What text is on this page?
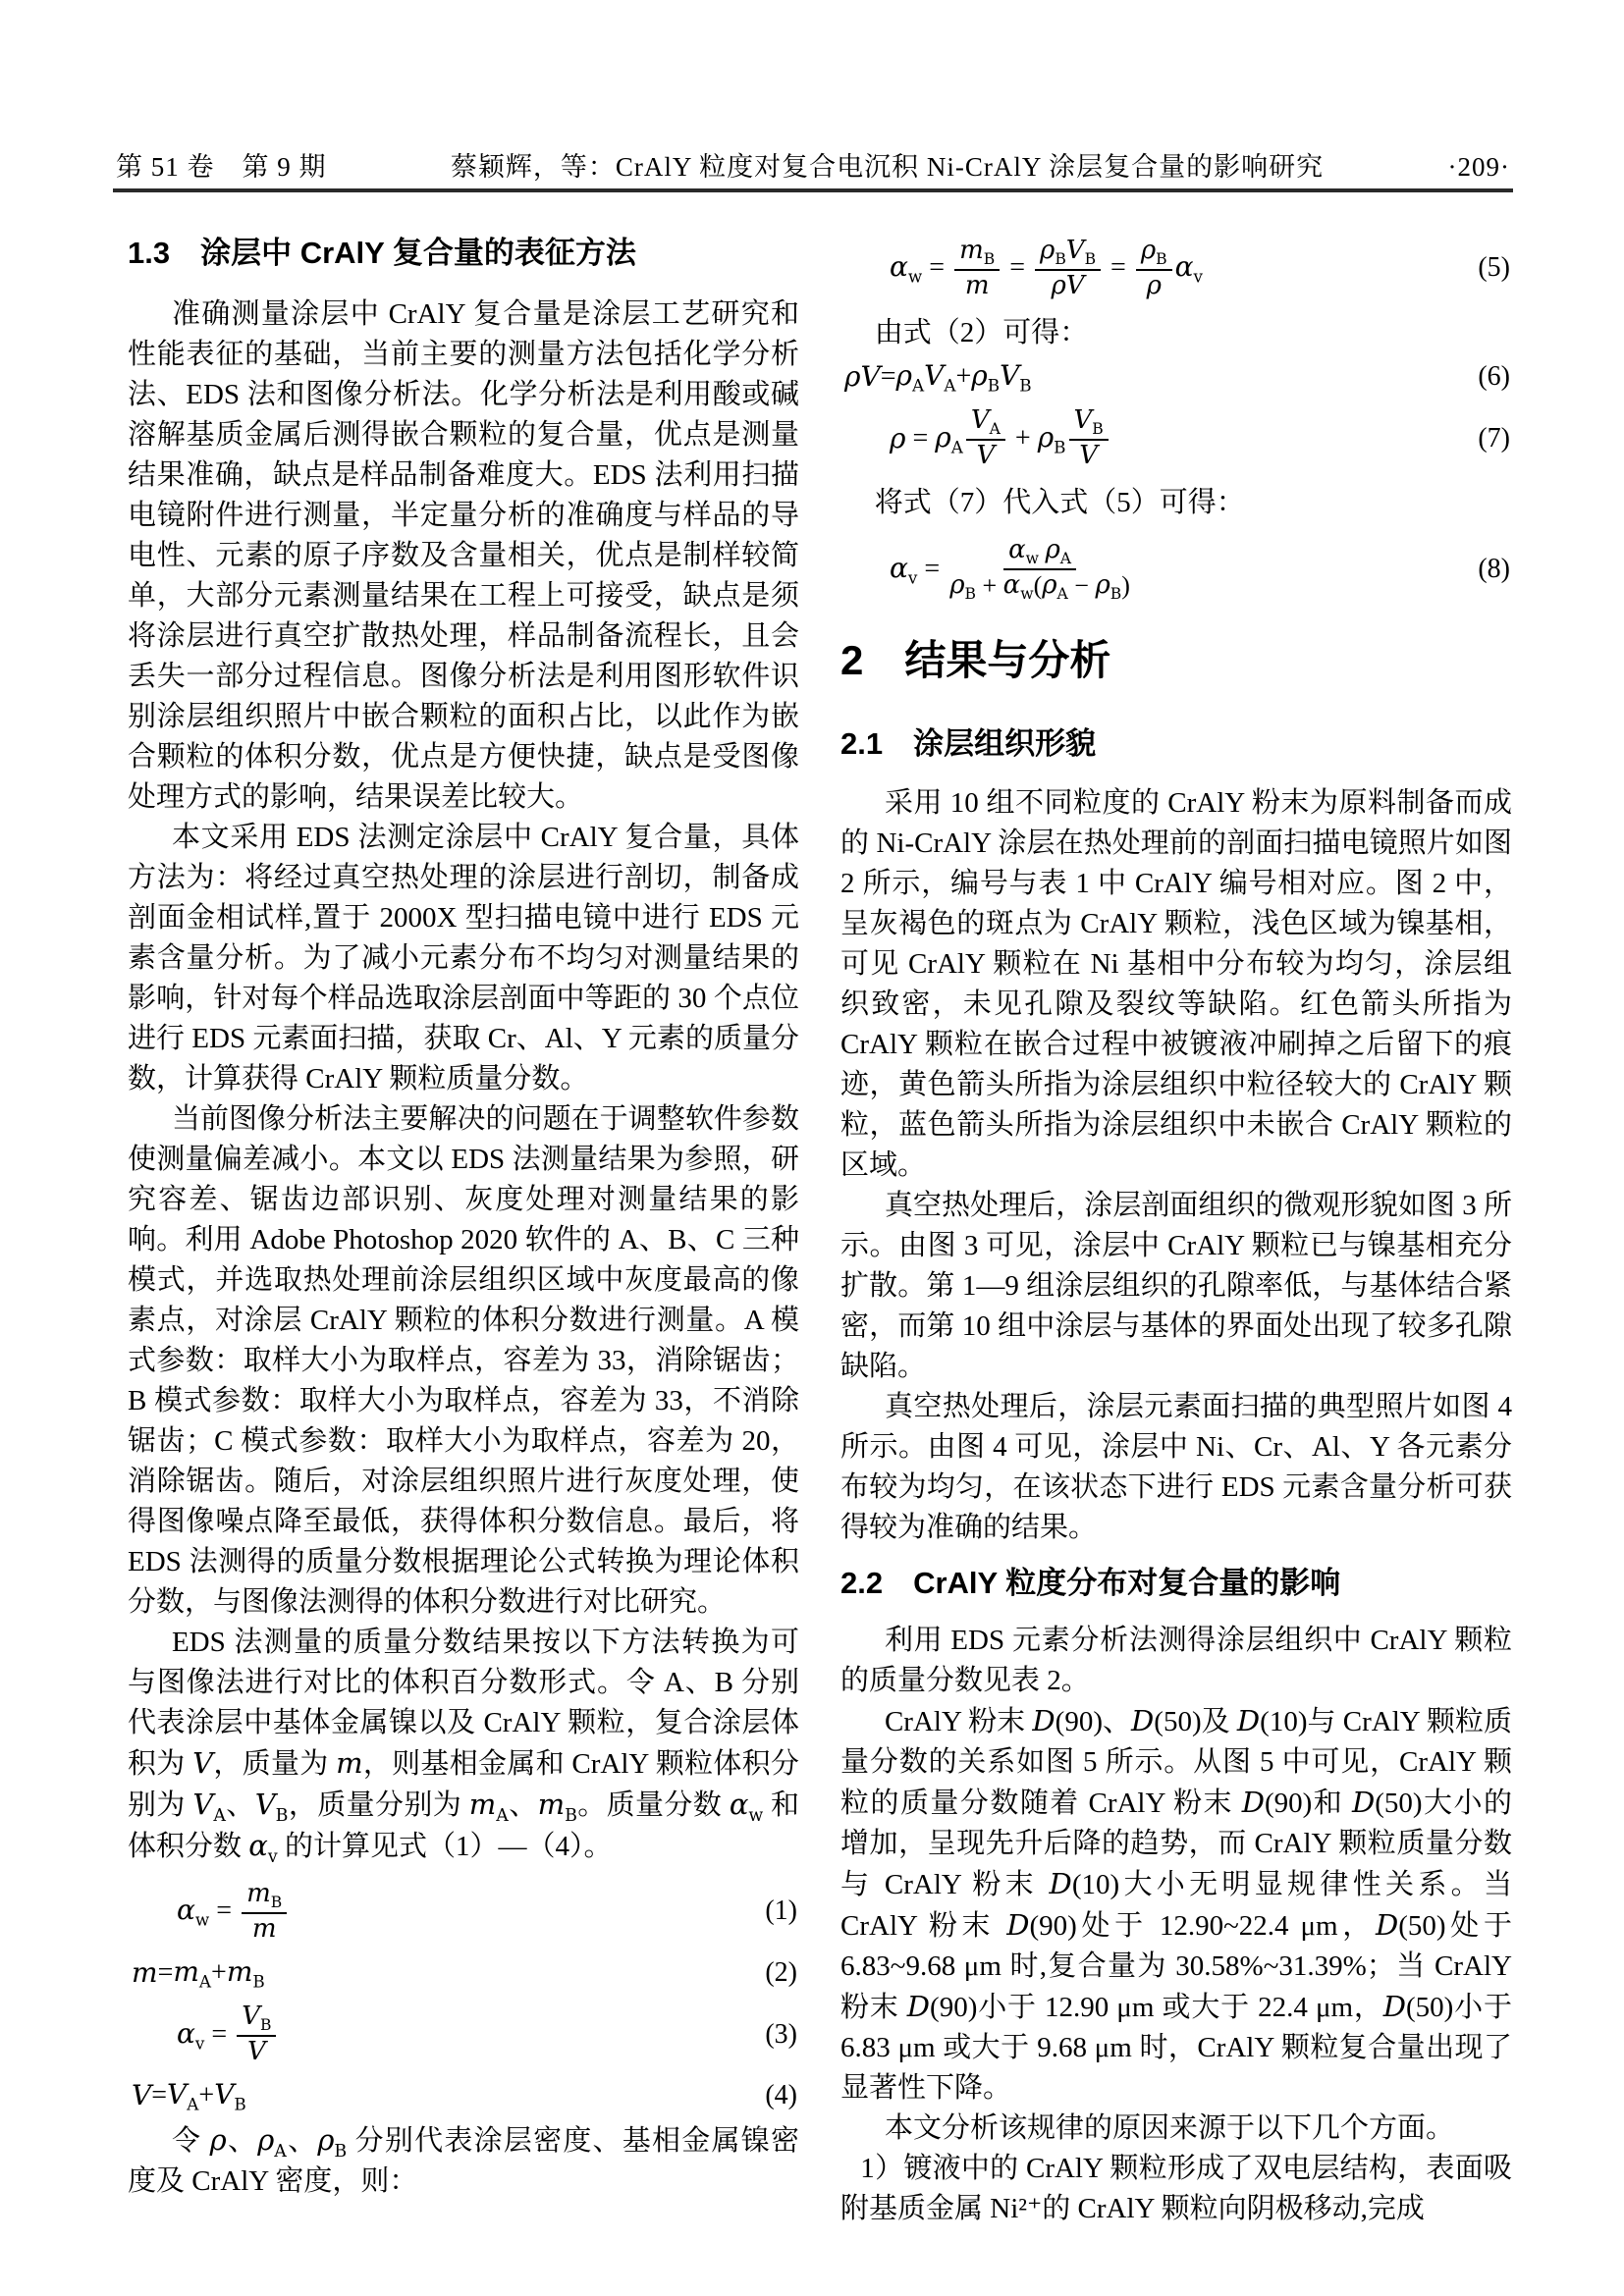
第 51 卷　第 9 期	蔡颖辉，等：CrAlY 粒度对复合电沉积 Ni-CrAlY 涂层复合量的影响研究	·209·
1.3　涂层中 CrAlY 复合量的表征方法

准确测量涂层中 CrAlY 复合量是涂层工艺研究和性能表征的基础，当前主要的测量方法包括化学分析法、EDS 法和图像分析法。化学分析法是利用酸或碱溶解基质金属后测得嵌合颗粒的复合量，优点是测量结果准确，缺点是样品制备难度大。EDS 法利用扫描电镜附件进行测量，半定量分析的准确度与样品的导电性、元素的原子序数及含量相关，优点是制样较简单，大部分元素测量结果在工程上可接受，缺点是须将涂层进行真空扩散热处理，样品制备流程长，且会丢失一部分过程信息。图像分析法是利用图形软件识别涂层组织照片中嵌合颗粒的面积占比，以此作为嵌合颗粒的体积分数，优点是方便快捷，缺点是受图像处理方式的影响，结果误差比较大。

本文采用 EDS 法测定涂层中 CrAlY 复合量，具体方法为：将经过真空热处理的涂层进行剖切，制备成剖面金相试样,置于 2000X 型扫描电镜中进行 EDS 元素含量分析。为了减小元素分布不均匀对测量结果的影响，针对每个样品选取涂层剖面中等距的 30 个点位进行 EDS 元素面扫描，获取 Cr、Al、Y 元素的质量分数，计算获得 CrAlY 颗粒质量分数。

当前图像分析法主要解决的问题在于调整软件参数使测量偏差减小。本文以 EDS 法测量结果为参照，研究容差、锯齿边部识别、灰度处理对测量结果的影响。利用 Adobe Photoshop 2020 软件的 A、B、C 三种模式，并选取热处理前涂层组织区域中灰度最高的像素点，对涂层 CrAlY 颗粒的体积分数进行测量。A 模式参数：取样大小为取样点，容差为 33，消除锯齿；B 模式参数：取样大小为取样点，容差为 33，不消除锯齿；C 模式参数：取样大小为取样点，容差为 20，消除锯齿。随后，对涂层组织照片进行灰度处理，使得图像噪点降至最低，获得体积分数信息。最后，将 EDS 法测得的质量分数根据理论公式转换为理论体积分数，与图像法测得的体积分数进行对比研究。

EDS 法测量的质量分数结果按以下方法转换为可与图像法进行对比的体积百分数形式。令 A、B 分别代表涂层中基体金属镍以及 CrAlY 颗粒，复合涂层体积为 V，质量为 m，则基相金属和 CrAlY 颗粒体积分别为 $V_A$、$V_B$，质量分别为 $m_A$、$m_B$。质量分数 $\alpha_w$ 和体积分数 $\alpha_v$ 的计算见式（1）—（4）。

$\alpha_w = \frac{m_B}{m}$	(1)
$m = m_A + m_B$	(2)
$\alpha_v = \frac{V_B}{V}$	(3)
$V = V_A + V_B$	(4)

令 ρ、$\rho_A$、$\rho_B$ 分别代表涂层密度、基相金属镍密度及 CrAlY 密度，则：

$\alpha_w = \frac{m_B}{m} = \frac{\rho_B V_B}{\text{ρ V}} = \frac{\rho_B}{\rho} \alpha_v$	(5)

由式（2）可得：

ρ $V = \rho_A$ $V_A + \rho_B$ $V_B$	(6)
$\rho = \rho_A \frac{V_A}{V} + \rho_B \frac{V_B}{V}$	(7)

将式（7）代入式（5）可得：

$\alpha_v = \alpha_w$
$\rho_A$
$\rho_B + \alpha_w$ ( $\rho_A - \rho_B$ )	(8)
2　结果与分析
2.1　涂层组织形貌

采用 10 组不同粒度的 CrAlY 粉末为原料制备而成的 Ni-CrAlY 涂层在热处理前的剖面扫描电镜照片如图 2 所示，编号与表 1 中 CrAlY 编号相对应。图 2 中，呈灰褐色的斑点为 CrAlY 颗粒，浅色区域为镍基相，可见 CrAlY 颗粒在 Ni 基相中分布较为均匀，涂层组织致密，未见孔隙及裂纹等缺陷。红色箭头所指为 CrAlY 颗粒在嵌合过程中被镀液冲刷掉之后留下的痕迹，黄色箭头所指为涂层组织中粒径较大的 CrAlY 颗粒，蓝色箭头所指为涂层组织中未嵌合 CrAlY 颗粒的区域。

真空热处理后，涂层剖面组织的微观形貌如图 3 所示。由图 3 可见，涂层中 CrAlY 颗粒已与镍基相充分扩散。第 1—9 组涂层组织的孔隙率低，与基体结合紧密，而第 10 组中涂层与基体的界面处出现了较多孔隙缺陷。

真空热处理后，涂层元素面扫描的典型照片如图 4 所示。由图 4 可见，涂层中 Ni、Cr、Al、Y 各元素分布较为均匀，在该状态下进行 EDS 元素含量分析可获得较为准确的结果。

2.2　CrAlY 粒度分布对复合量的影响

利用 EDS 元素分析法测得涂层组织中 CrAlY 颗粒的质量分数见表 2。

CrAlY 粉末 D(90)、D(50)及 D(10)与 CrAlY 颗粒质量分数的关系如图 5 所示。从图 5 中可见，CrAlY 颗粒的质量分数随着 CrAlY 粉末 D(90)和 D(50)大小的增加，呈现先升后降的趋势，而 CrAlY 颗粒质量分数与 CrAlY 粉末 D(10)大小无明显规律性关系。当 CrAlY 粉末 D(90)处于 12.90~22.4 μm，D(50)处于 6.83~9.68 μm 时,复合量为 30.58%~31.39%；当 CrAlY 粉末 D(90)小于 12.90 μm 或大于 22.4 μm，D(50)小于 6.83 μm 或大于 9.68 μm 时，CrAlY 颗粒复合量出现了显著性下降。

本文分析该规律的原因来源于以下几个方面。

1）镀液中的 CrAlY 颗粒形成了双电层结构，表面吸附基质金属 Ni²⁺的 CrAlY 颗粒向阴极移动,完成
